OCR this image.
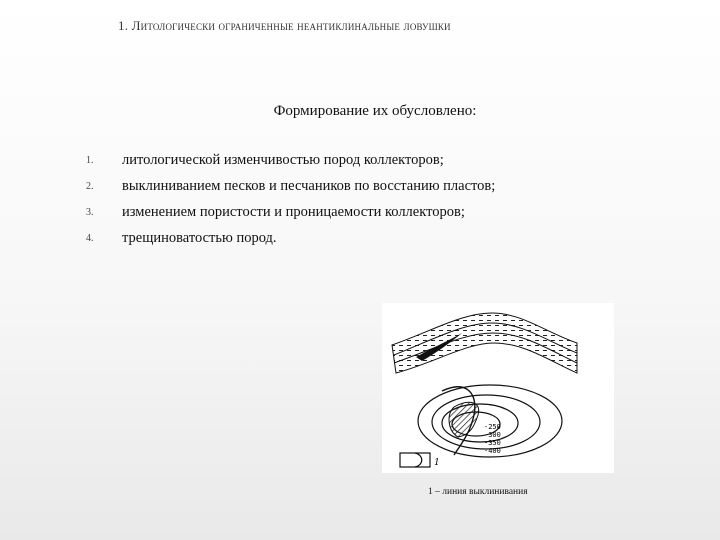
1. Литологически ограниченные неантиклинальные ловушки
Формирование их обусловлено:
1. литологической изменчивостью пород коллекторов;
2. выклиниванием песков и песчаников по восстанию пластов;
3. изменением пористости и проницаемости коллекторов;
4. трещиноватостью пород.
-250
-300
-350
-400
1
1 – линия выклинивания
